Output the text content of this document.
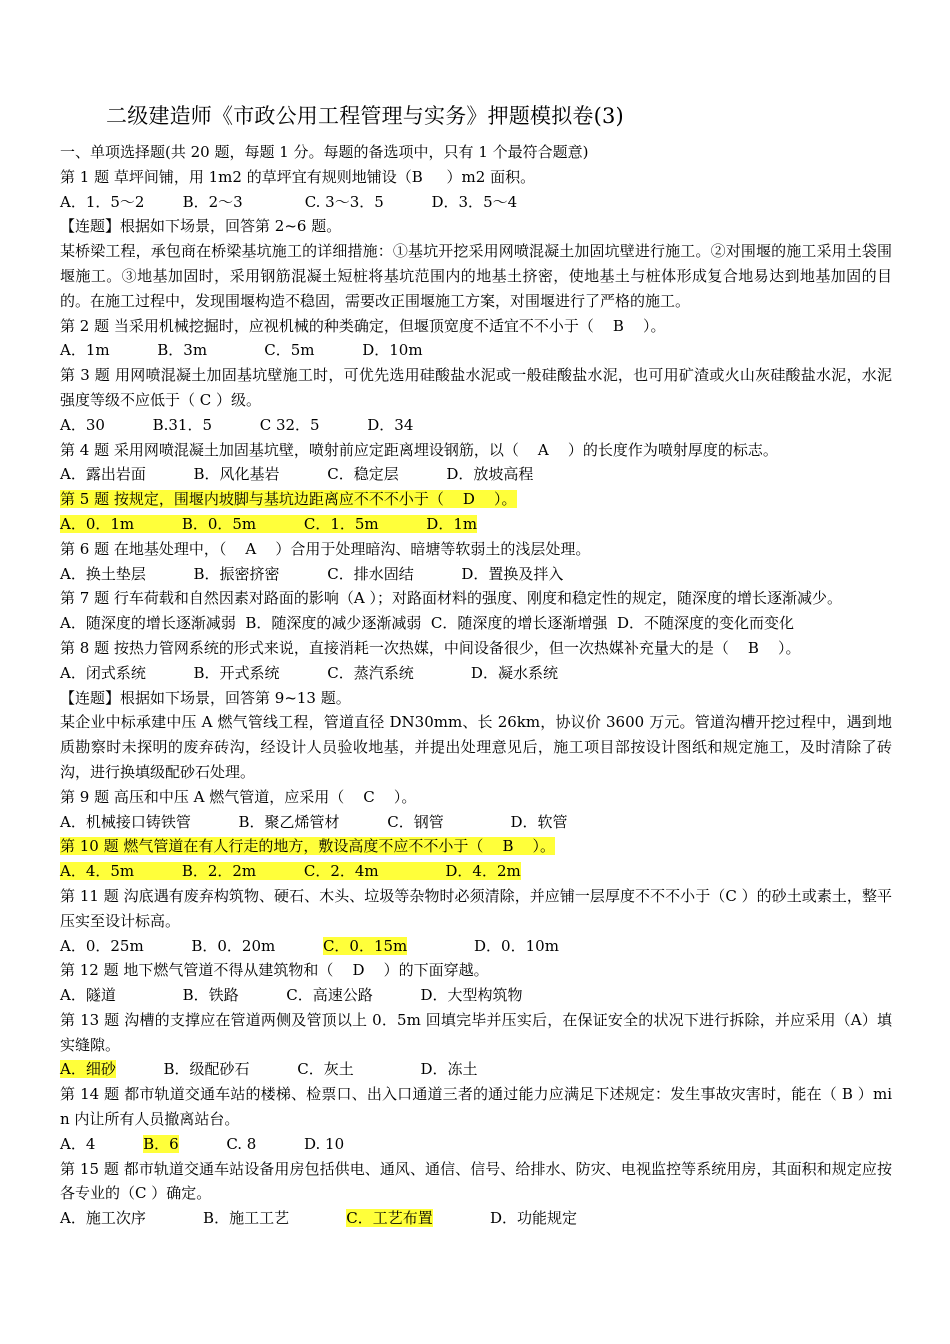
二级建造师《市政公用工程管理与实务》押题模拟卷(3)
一、单项选择题(共 20 题，每题 1 分。每题的备选项中，只有 1 个最符合题意)
第 1 题 草坪间铺，用 1m2 的草坪宜有规则地铺设（B     ）m2 面积。
A．1．5～2        B．2～3             C. 3～3．5          D．3．5～4
【连题】根据如下场景，回答第 2~6 题。
某桥梁工程，承包商在桥梁基坑施工的详细措施：①基坑开挖采用网喷混凝土加固坑壁进行施工。②对围堰的施工采用土袋围堰施工。③地基加固时，采用钢筋混凝土短桩将基坑范围内的地基土挤密，使地基土与桩体形成复合地易达到地基加固的目的。在施工过程中，发现围堰构造不稳固，需要改正围堰施工方案，对围堰进行了严格的施工。
第 2 题 当采用机械挖掘时，应视机械的种类确定，但堰顶宽度不适宜不不小于（    B    ）。
A．1m          B．3m            C．5m          D．10m
第 3 题 用网喷混凝土加固基坑壁施工时，可优先选用硅酸盐水泥或一般硅酸盐水泥，也可用矿渣或火山灰硅酸盐水泥，水泥强度等级不应低于（ C ）级。
A．30          B.31．5          C 32．5          D．34
第 4 题 采用网喷混凝土加固基坑壁，喷射前应定距离埋设钢筋，以（    A    ）的长度作为喷射厚度的标志。
A．露出岩面          B．风化基岩          C．稳定层          D．放坡高程
第 5 题 按规定，围堰内坡脚与基坑边距离应不不不小于（    D    ）。
A．0．1m          B．0．5m          C．1．5m          D．1m
第 6 题 在地基处理中，（    A    ）合用于处理暗沟、暗塘等软弱土的浅层处理。
A．换土垫层          B．振密挤密          C．排水固结          D．置换及拌入
第 7 题 行车荷载和自然因素对路面的影响（A ）；对路面材料的强度、刚度和稳定性的规定，随深度的增长逐渐减少。
A．随深度的增长逐渐减弱  B．随深度的减少逐渐减弱  C．随深度的增长逐渐增强  D．不随深度的变化而变化
第 8 题 按热力管网系统的形式来说，直接消耗一次热媒，中间设备很少，但一次热媒补充量大的是（    B    ）。
A．闭式系统          B．开式系统          C．蒸汽系统            D．凝水系统
【连题】根据如下场景，回答第 9~13 题。
某企业中标承建中压 A 燃气管线工程，管道直径 DN30mm、长 26km，协议价 3600 万元。管道沟槽开挖过程中，遇到地质勘察时未探明的废弃砖沟，经设计人员验收地基，并提出处理意见后，施工项目部按设计图纸和规定施工，及时清除了砖沟，进行换填级配砂石处理。
第 9 题 高压和中压 A 燃气管道，应采用（    C    ）。
A．机械接口铸铁管          B．聚乙烯管材          C．钢管              D．软管
第 10 题 燃气管道在有人行走的地方，敷设高度不应不不小于（    B    ）。
A．4．5m          B．2．2m          C．2．4m              D．4．2m
第 11 题 沟底遇有废弃构筑物、硬石、木头、垃圾等杂物时必须清除，并应铺一层厚度不不不小于（C ）的砂土或素土，整平压实至设计标高。
A．0．25m          B．0．20m          C．0．15m              D．0．10m
第 12 题 地下燃气管道不得从建筑物和（    D    ）的下面穿越。
A．隧道              B．铁路          C．高速公路          D．大型构筑物
第 13 题 沟槽的支撑应在管道两侧及管顶以上 0．5m 回填完毕并压实后，在保证安全的状况下进行拆除，并应采用（A）填实缝隙。
A．细砂          B．级配砂石          C．灰土              D．冻土
第 14 题 都市轨道交通车站的楼梯、检票口、出入口通道三者的通过能力应满足下述规定：发生事故灾害时，能在（ B ）min 内让所有人员撤离站台。
A．4          B．6          C. 8          D. 10
第 15 题 都市轨道交通车站设备用房包括供电、通风、通信、信号、给排水、防灾、电视监控等系统用房，其面积和规定应按各专业的（C ）确定。
A．施工次序            B．施工工艺            C．工艺布置            D．功能规定
